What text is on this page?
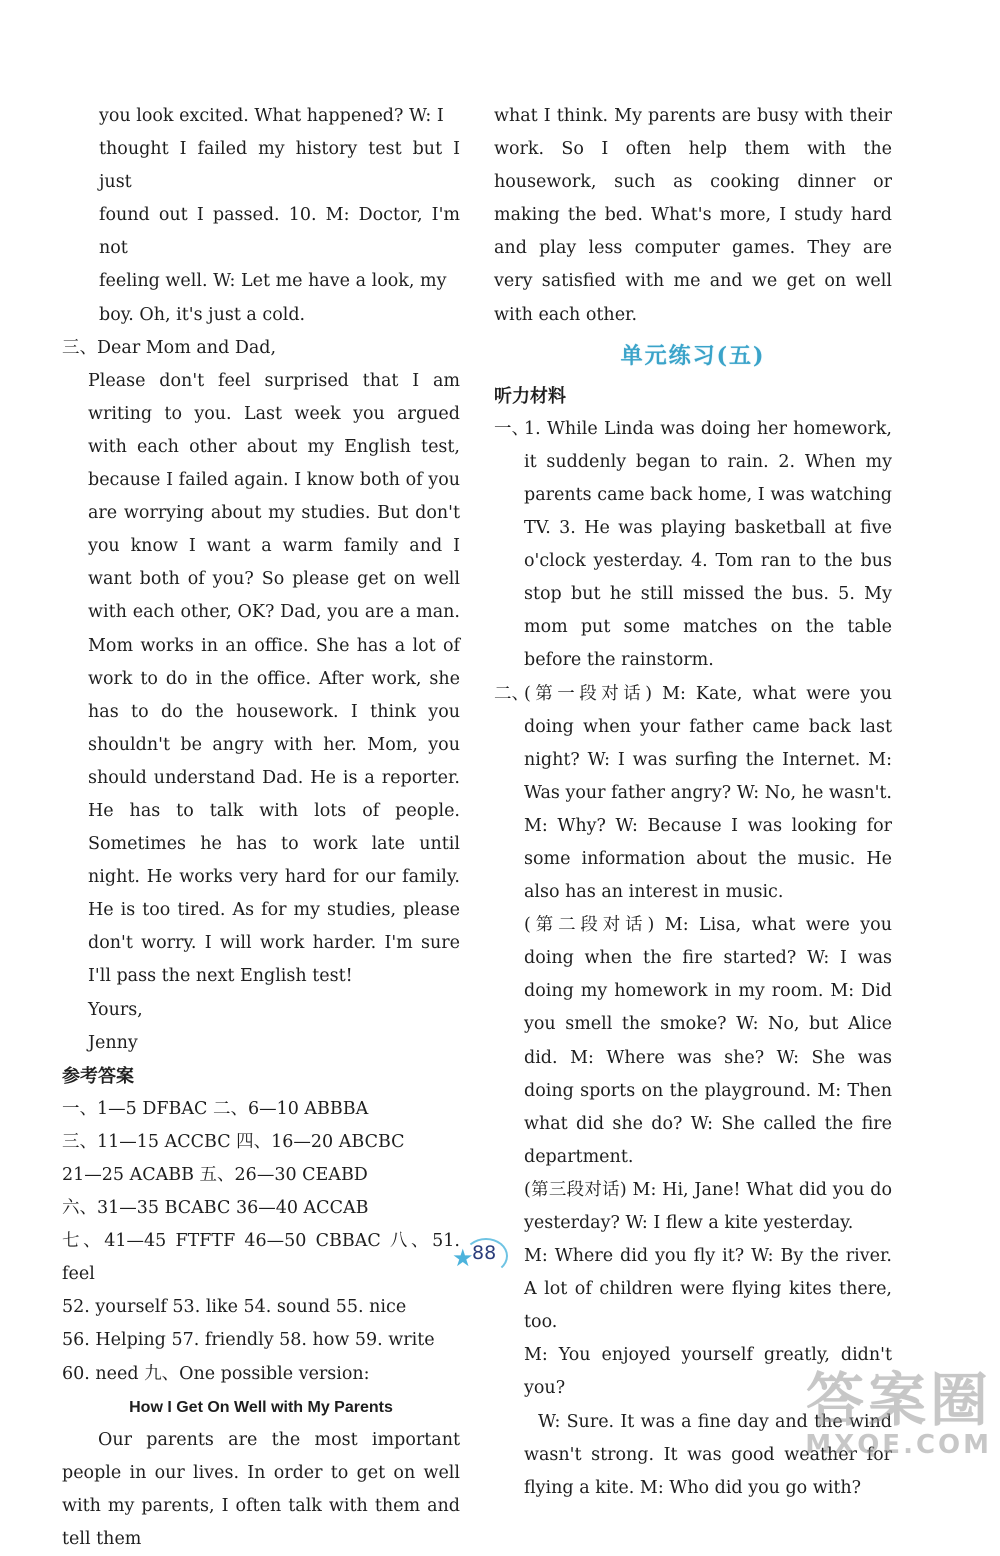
you look excited. What happened? W: I

thought I failed my history test but I just

found out I passed. 10. M: Doctor, I'm not

feeling well. W: Let me have a look, my

boy. Oh, it's just a cold.

三、Dear Mom and Dad,

Please don't feel surprised that I am writing to you. Last week you argued with each other about my English test, because I failed again. I know both of you are worrying about my studies. But don't you know I want a warm family and I want both of you? So please get on well with each other, OK? Dad, you are a man. Mom works in an office. She has a lot of work to do in the office. After work, she has to do the housework. I think you shouldn't be angry with her. Mom, you should understand Dad. He is a reporter. He has to talk with lots of people. Sometimes he has to work late until night. He works very hard for our family. He is too tired. As for my studies, please don't worry. I will work harder. I'm sure I'll pass the next English test!

Yours,

Jenny

参考答案

一、1—5 DFBAC 二、6—10 ABBBA

三、11—15 ACCBC 四、16—20 ABCBC

21—25 ACABB 五、26—30 CEABD

六、31—35 BCABC 36—40 ACCAB

七、41—45 FTFTF 46—50 CBBAC 八、51. feel

52. yourself 53. like 54. sound 55. nice

56. Helping 57. friendly 58. how 59. write

60. need 九、One possible version:

How I Get On Well with My Parents

Our parents are the most important people in our lives. In order to get on well with my parents, I often talk with them and tell them

what I think. My parents are busy with their work. So I often help them with the housework, such as cooking dinner or making the bed. What's more, I study hard and play less computer games. They are very satisfied with me and we get on well with each other.

单元练习(五)

听力材料

一、

1. While Linda was doing her homework, it suddenly began to rain. 2. When my parents came back home, I was watching TV. 3. He was playing basketball at five o'clock yesterday. 4. Tom ran to the bus stop but he still missed the bus. 5. My mom put some matches on the table before the rainstorm.

二、

(第一段对话) M: Kate, what were you doing when your father came back last night? W: I was surfing the Internet. M: Was your father angry? W: No, he wasn't. M: Why? W: Because I was looking for some information about the music. He also has an interest in music.

(第二段对话) M: Lisa, what were you doing when the fire started? W: I was doing my homework in my room. M: Did you smell the smoke? W: No, but Alice did. M: Where was she? W: She was doing sports on the playground. M: Then what did she do? W: She called the fire department.

(第三段对话) M: Hi, Jane! What did you do yesterday? W: I flew a kite yesterday.

M: Where did you fly it? W: By the river. A lot of children were flying kites there, too.

M: You enjoyed yourself greatly, didn't you?

W: Sure. It was a fine day and the wind wasn't strong. It was good weather for flying a kite. M: Who did you go with?

★
88
答案圈
MXQE.COM
